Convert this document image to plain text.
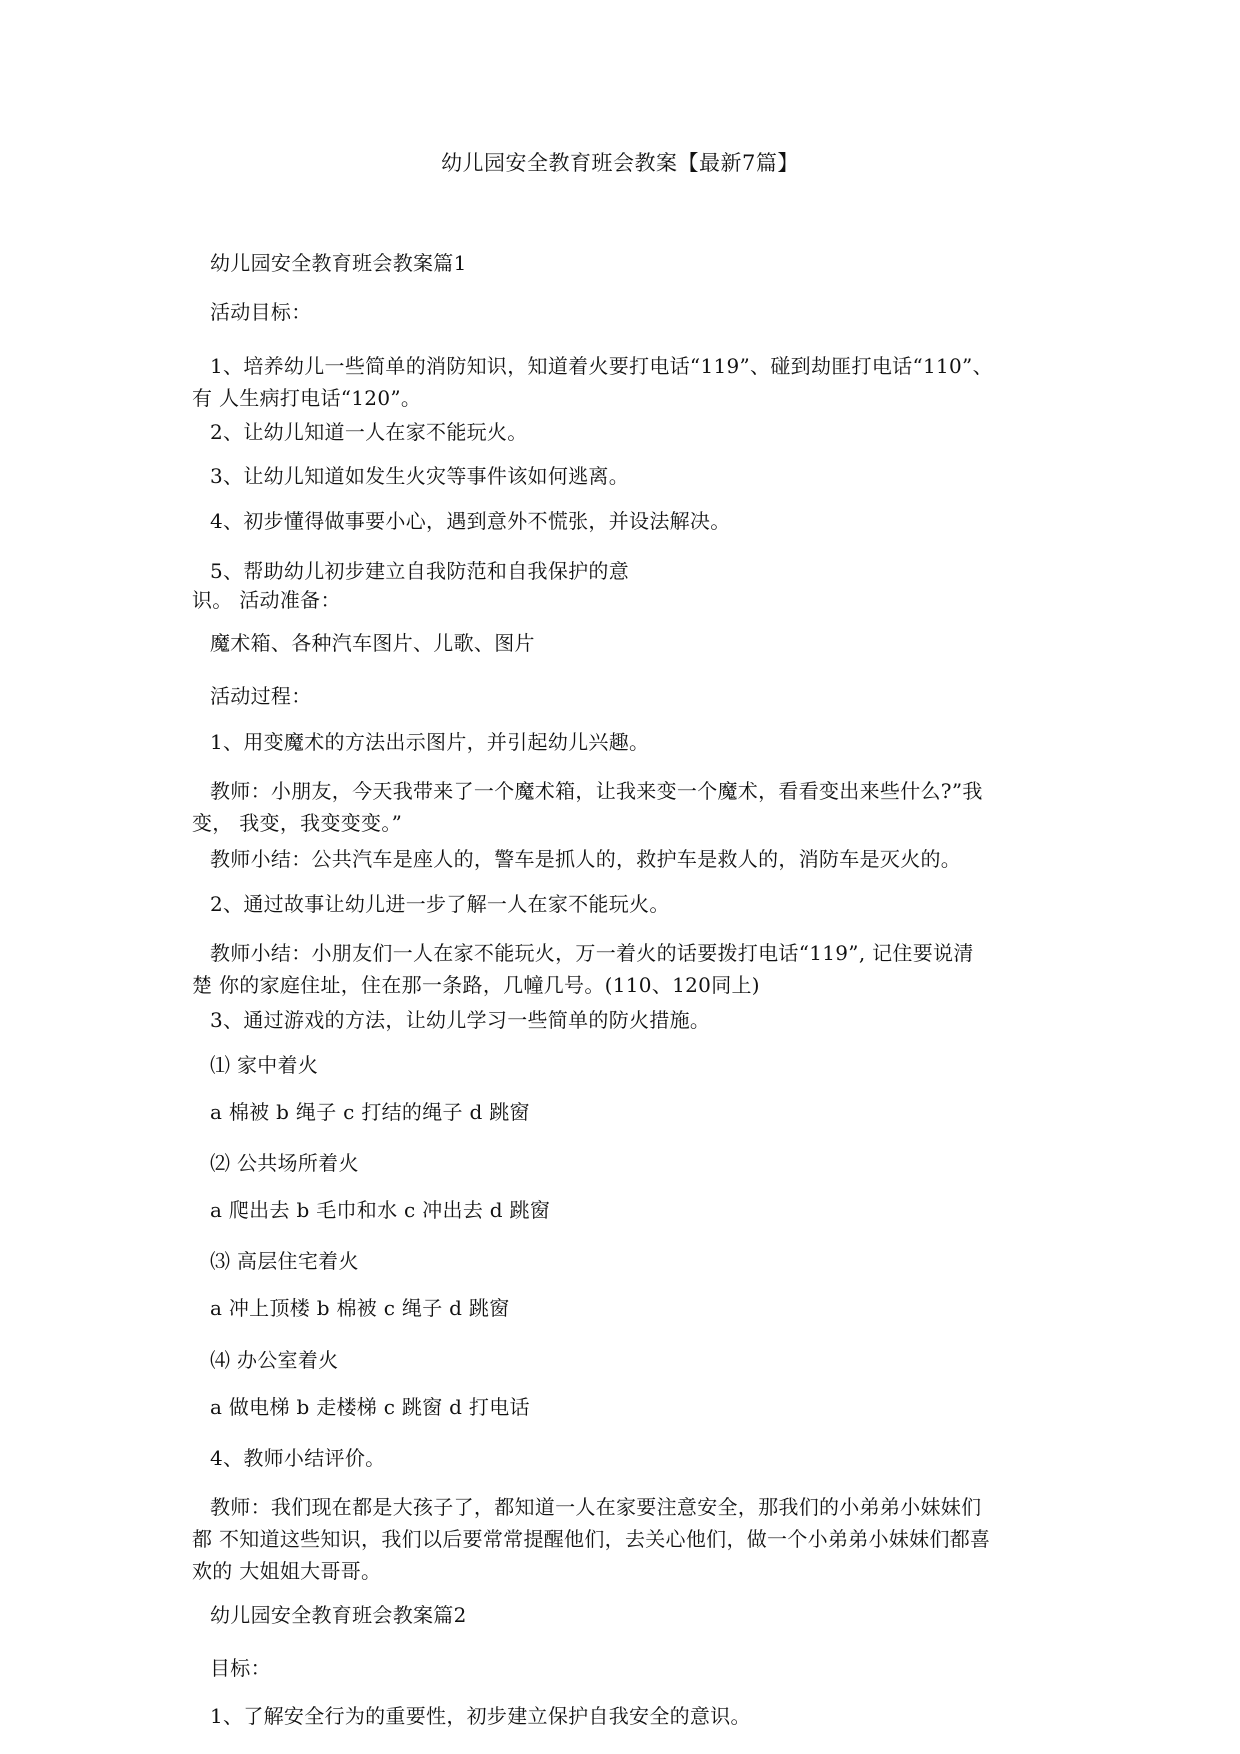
幼儿园安全教育班会教案【最新7篇】

幼儿园安全教育班会教案篇1

活动目标：

1、培养幼儿一些简单的消防知识，知道着火要打电话“119”、碰到劫匪打电话“110”、
有 人生病打电话“120”。

2、让幼儿知道一人在家不能玩火。

3、让幼儿知道如发生火灾等事件该如何逃离。

4、初步懂得做事要小心，遇到意外不慌张，并设法解决。

5、帮助幼儿初步建立自我防范和自我保护的意
识。 活动准备：

魔术箱、各种汽车图片、儿歌、图片

活动过程：

1、用变魔术的方法出示图片，并引起幼儿兴趣。

教师：小朋友，今天我带来了一个魔术箱，让我来变一个魔术，看看变出来些什么?”我
变， 我变，我变变变。”

教师小结：公共汽车是座人的，警车是抓人的，救护车是救人的，消防车是灭火的。

2、通过故事让幼儿进一步了解一人在家不能玩火。

教师小结：小朋友们一人在家不能玩火，万一着火的话要拨打电话“119”, 记住要说清
楚 你的家庭住址，住在那一条路，几幢几号。(110、120同上)

3、通过游戏的方法，让幼儿学习一些简单的防火措施。

⑴ 家中着火

a 棉被 b 绳子 c 打结的绳子 d 跳窗

⑵ 公共场所着火

a 爬出去 b 毛巾和水 c 冲出去 d 跳窗

⑶ 高层住宅着火

a 冲上顶楼 b 棉被 c 绳子 d 跳窗

⑷ 办公室着火

a 做电梯 b 走楼梯 c 跳窗 d 打电话

4、教师小结评价。

教师：我们现在都是大孩子了，都知道一人在家要注意安全，那我们的小弟弟小妹妹们
都 不知道这些知识，我们以后要常常提醒他们，去关心他们，做一个小弟弟小妹妹们都喜
欢的 大姐姐大哥哥。

幼儿园安全教育班会教案篇2

目标：

1、了解安全行为的重要性，初步建立保护自我安全的意识。
